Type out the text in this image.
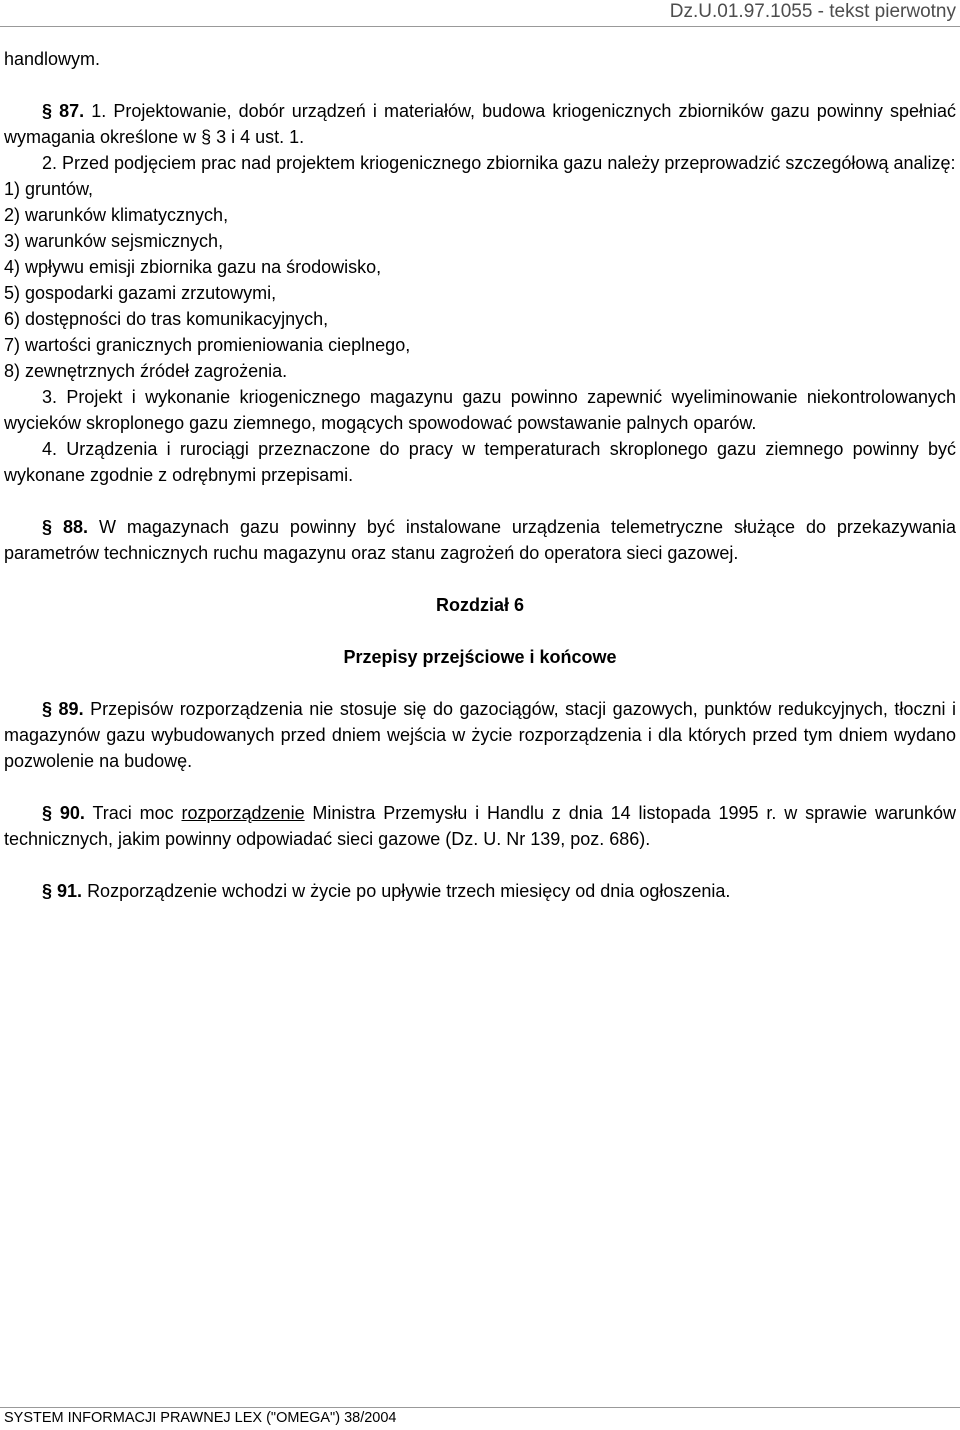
Dz.U.01.97.1055 - tekst pierwotny

handlowym.

§ 87. 1. Projektowanie, dobór urządzeń i materiałów, budowa kriogenicznych zbiorników gazu powinny spełniać wymagania określone w § 3 i 4 ust. 1.

2. Przed podjęciem prac nad projektem kriogenicznego zbiornika gazu należy przeprowadzić szczegółową analizę:

1) gruntów,

2) warunków klimatycznych,

3) warunków sejsmicznych,

4) wpływu emisji zbiornika gazu na środowisko,

5) gospodarki gazami zrzutowymi,

6) dostępności do tras komunikacyjnych,

7) wartości granicznych promieniowania cieplnego,

8) zewnętrznych źródeł zagrożenia.

3. Projekt i wykonanie kriogenicznego magazynu gazu powinno zapewnić wyeliminowanie niekontrolowanych wycieków skroplonego gazu ziemnego, mogących spowodować powstawanie palnych oparów.

4. Urządzenia i rurociągi przeznaczone do pracy w temperaturach skroplonego gazu ziemnego powinny być wykonane zgodnie z odrębnymi przepisami.

§ 88. W magazynach gazu powinny być instalowane urządzenia telemetryczne służące do przekazywania parametrów technicznych ruchu magazynu oraz stanu zagrożeń do operatora sieci gazowej.

Rozdział 6

Przepisy przejściowe i końcowe

§ 89. Przepisów rozporządzenia nie stosuje się do gazociągów, stacji gazowych, punktów redukcyjnych, tłoczni i magazynów gazu wybudowanych przed dniem wejścia w życie rozporządzenia i dla których przed tym dniem wydano pozwolenie na budowę.

§ 90. Traci moc rozporządzenie Ministra Przemysłu i Handlu z dnia 14 listopada 1995 r. w sprawie warunków technicznych, jakim powinny odpowiadać sieci gazowe (Dz. U. Nr 139, poz. 686).

§ 91. Rozporządzenie wchodzi w życie po upływie trzech miesięcy od dnia ogłoszenia.

SYSTEM INFORMACJI PRAWNEJ LEX ("OMEGA") 38/2004
